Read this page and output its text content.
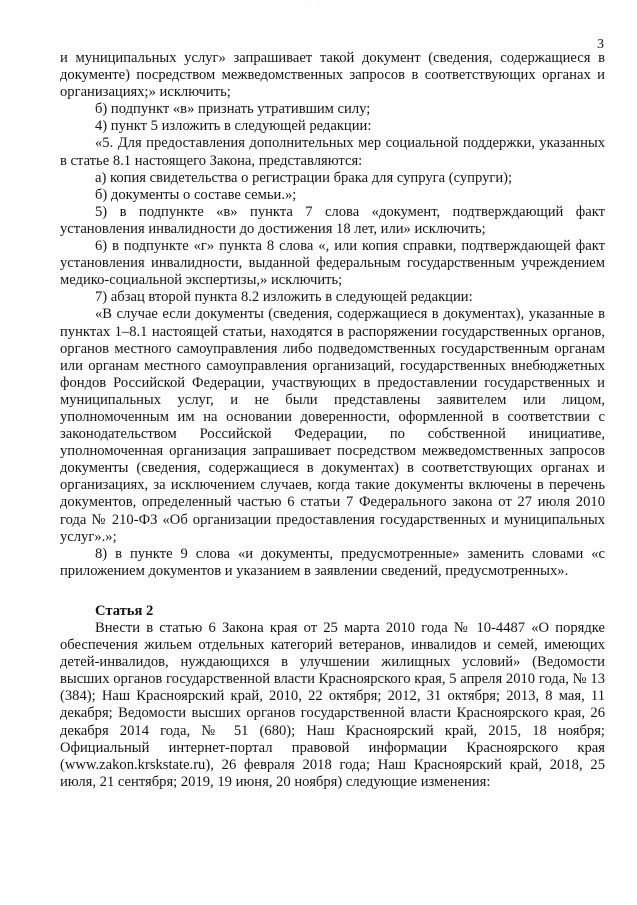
· · ·
3

и муниципальных услуг» запрашивает такой документ (сведения, содержащиеся в документе) посредством межведомственных запросов в соответствующих органах и организациях;» исключить;

б) подпункт «в» признать утратившим силу;

4) пункт 5 изложить в следующей редакции:

«5. Для предоставления дополнительных мер социальной поддержки, указанных в статье 8.1 настоящего Закона, представляются:

а) копия свидетельства о регистрации брака для супруга (супруги);

б) документы о составе семьи.»;

5) в подпункте «в» пункта 7 слова «документ, подтверждающий факт установления инвалидности до достижения 18 лет, или» исключить;

6) в подпункте «г» пункта 8 слова «, или копия справки, подтверждающей факт установления инвалидности, выданной федеральным государственным учреждением медико-социальной экспертизы,» исключить;

7) абзац второй пункта 8.2 изложить в следующей редакции:

«В случае если документы (сведения, содержащиеся в документах), указанные в пунктах 1–8.1 настоящей статьи, находятся в распоряжении государственных органов, органов местного самоуправления либо подведомственных государственным органам или органам местного самоуправления организаций, государственных внебюджетных фондов Российской Федерации, участвующих в предоставлении государственных и муниципальных услуг, и не были представлены заявителем или лицом, уполномоченным им на основании доверенности, оформленной в соответствии с законодательством Российской Федерации, по собственной инициативе, уполномоченная организация запрашивает посредством межведомственных запросов документы (сведения, содержащиеся в документах) в соответствующих органах и организациях, за исключением случаев, когда такие документы включены в перечень документов, определенный частью 6 статьи 7 Федерального закона от 27 июля 2010 года № 210-ФЗ «Об организации предоставления государственных и муниципальных услуг».»;

8) в пункте 9 слова «и документы, предусмотренные» заменить словами «с приложением документов и указанием в заявлении сведений, предусмотренных».

Статья 2

Внести в статью 6 Закона края от 25 марта 2010 года № 10-4487 «О порядке обеспечения жильем отдельных категорий ветеранов, инвалидов и семей, имеющих детей-инвалидов, нуждающихся в улучшении жилищных условий» (Ведомости высших органов государственной власти Красноярского края, 5 апреля 2010 года, № 13 (384); Наш Красноярский край, 2010, 22 октября; 2012, 31 октября; 2013, 8 мая, 11 декабря; Ведомости высших органов государственной власти Красноярского края, 26 декабря 2014 года, № 51 (680); Наш Красноярский край, 2015, 18 ноября; Официальный интернет-портал правовой информации Красноярского края (www.zakon.krskstate.ru), 26 февраля 2018 года; Наш Красноярский край, 2018, 25 июля, 21 сентября; 2019, 19 июня, 20 ноября) следующие изменения:
